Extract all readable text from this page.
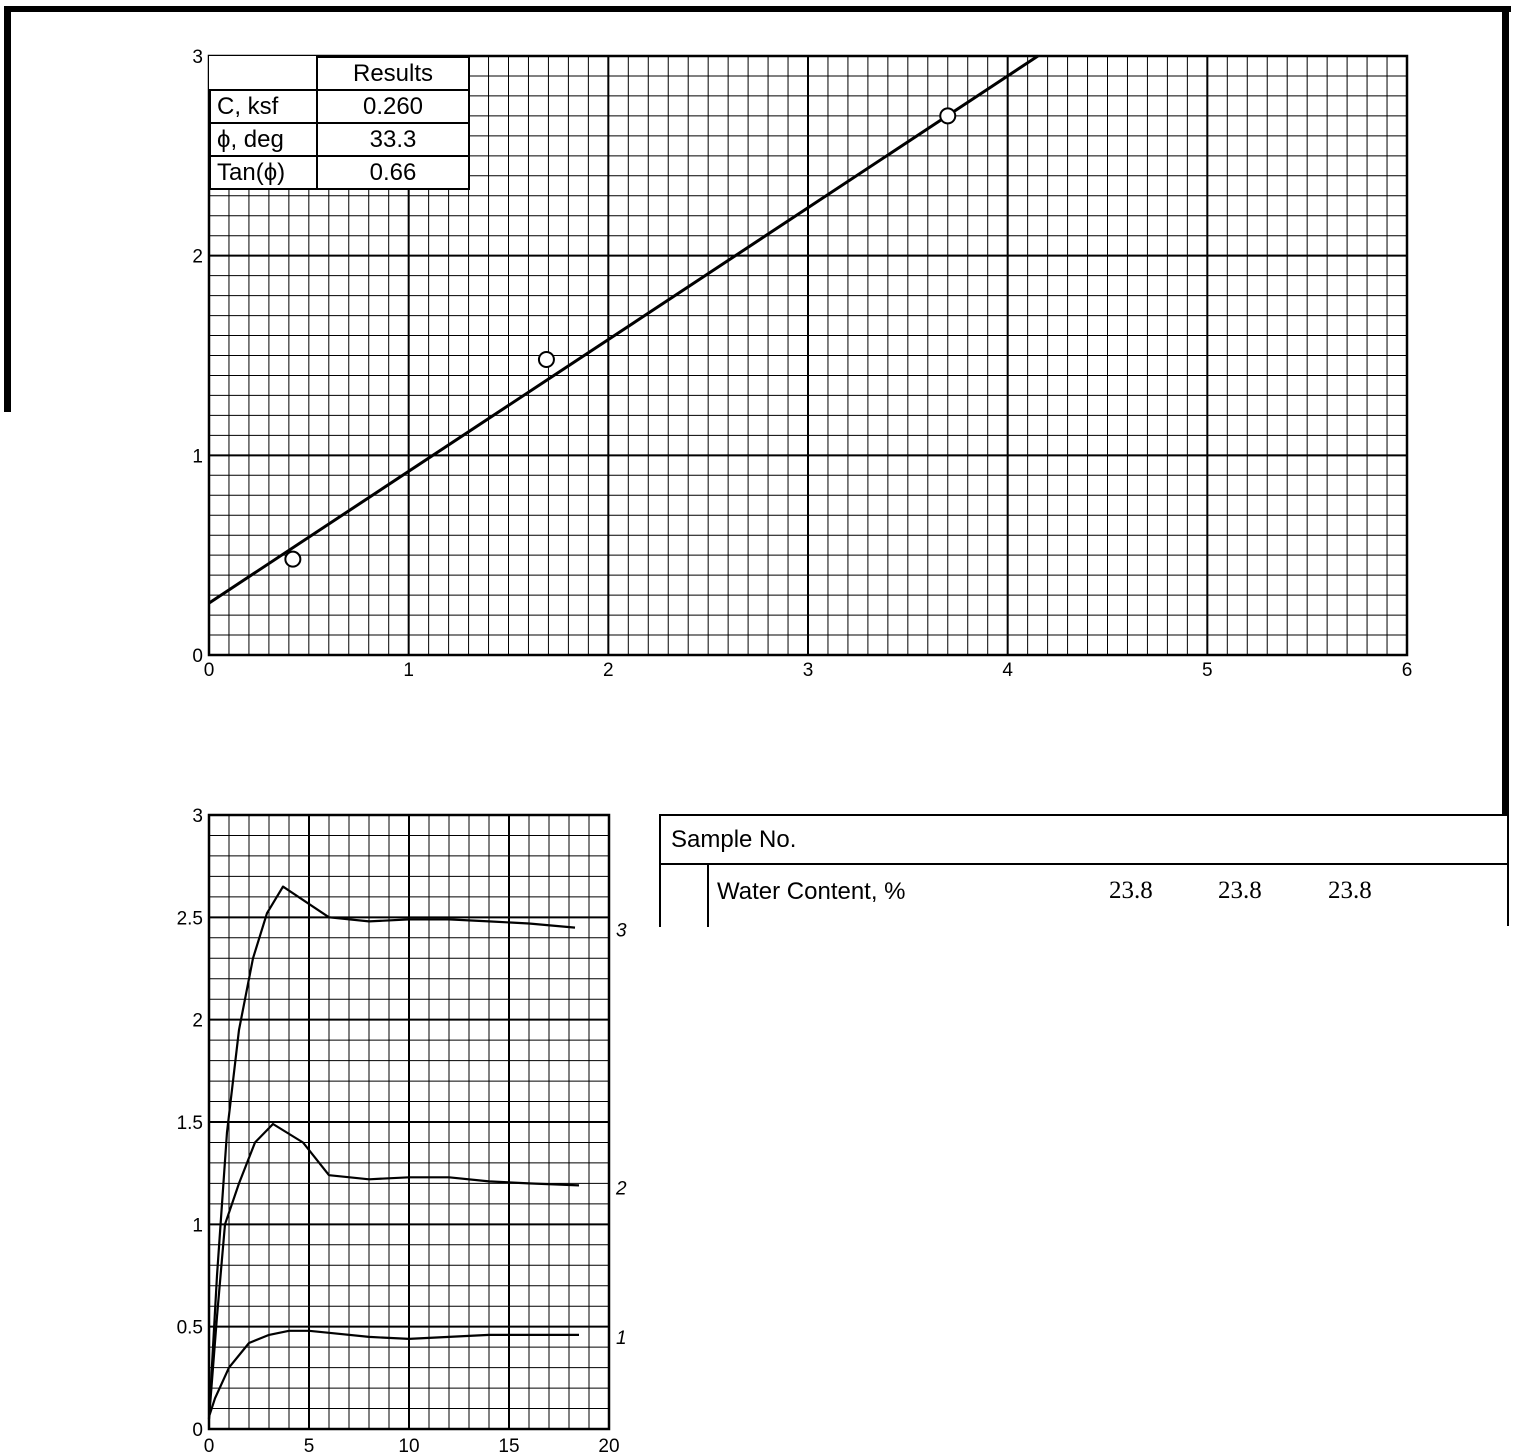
0	1	2	3	4	5	6
0
1
2
3
	Results
C, ksf	0.260
ϕ, deg	33.3
Tan(ϕ)	0.66
1
2
3
0	5	10	15	20
0
0.5
1
1.5
2
2.5
3
Sample No.
Water Content, %	23.8	23.8	23.8
